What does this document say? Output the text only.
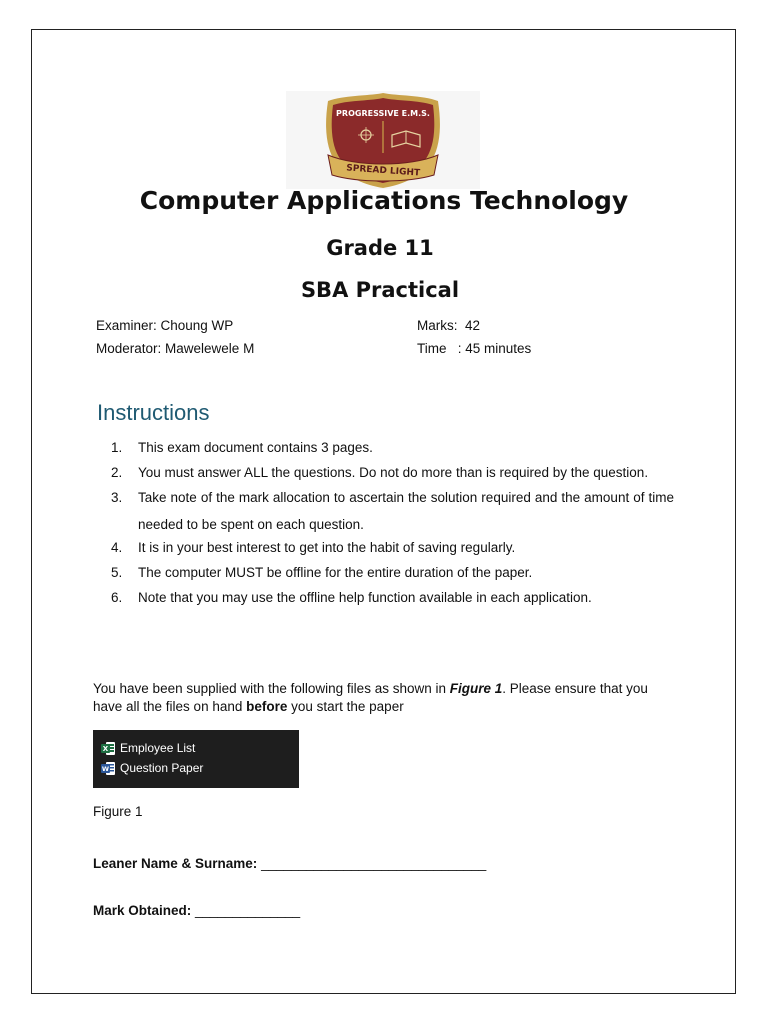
PROGRESSIVE E.M.S.
SPREAD LIGHT
Computer Applications Technology
Grade 11
SBA Practical
Examiner: Choung WP
Moderator: Mawelewele M
Marks:  42
Time   : 45 minutes
Instructions
1. This exam document contains 3 pages.
2. You must answer ALL the questions. Do not do more than is required by the question.
3. Take note of the mark allocation to ascertain the solution required and the amount of time needed to be spent on each question.
4. It is in your best interest to get into the habit of saving regularly.
5. The computer MUST be offline for the entire duration of the paper.
6. Note that you may use the offline help function available in each application.

You have been supplied with the following files as shown in Figure 1. Please ensure that you have all the files on hand before you start the paper

X Employee List
W Question Paper

Figure 1

Leaner Name & Surname: ______________________________
Mark Obtained: ______________
